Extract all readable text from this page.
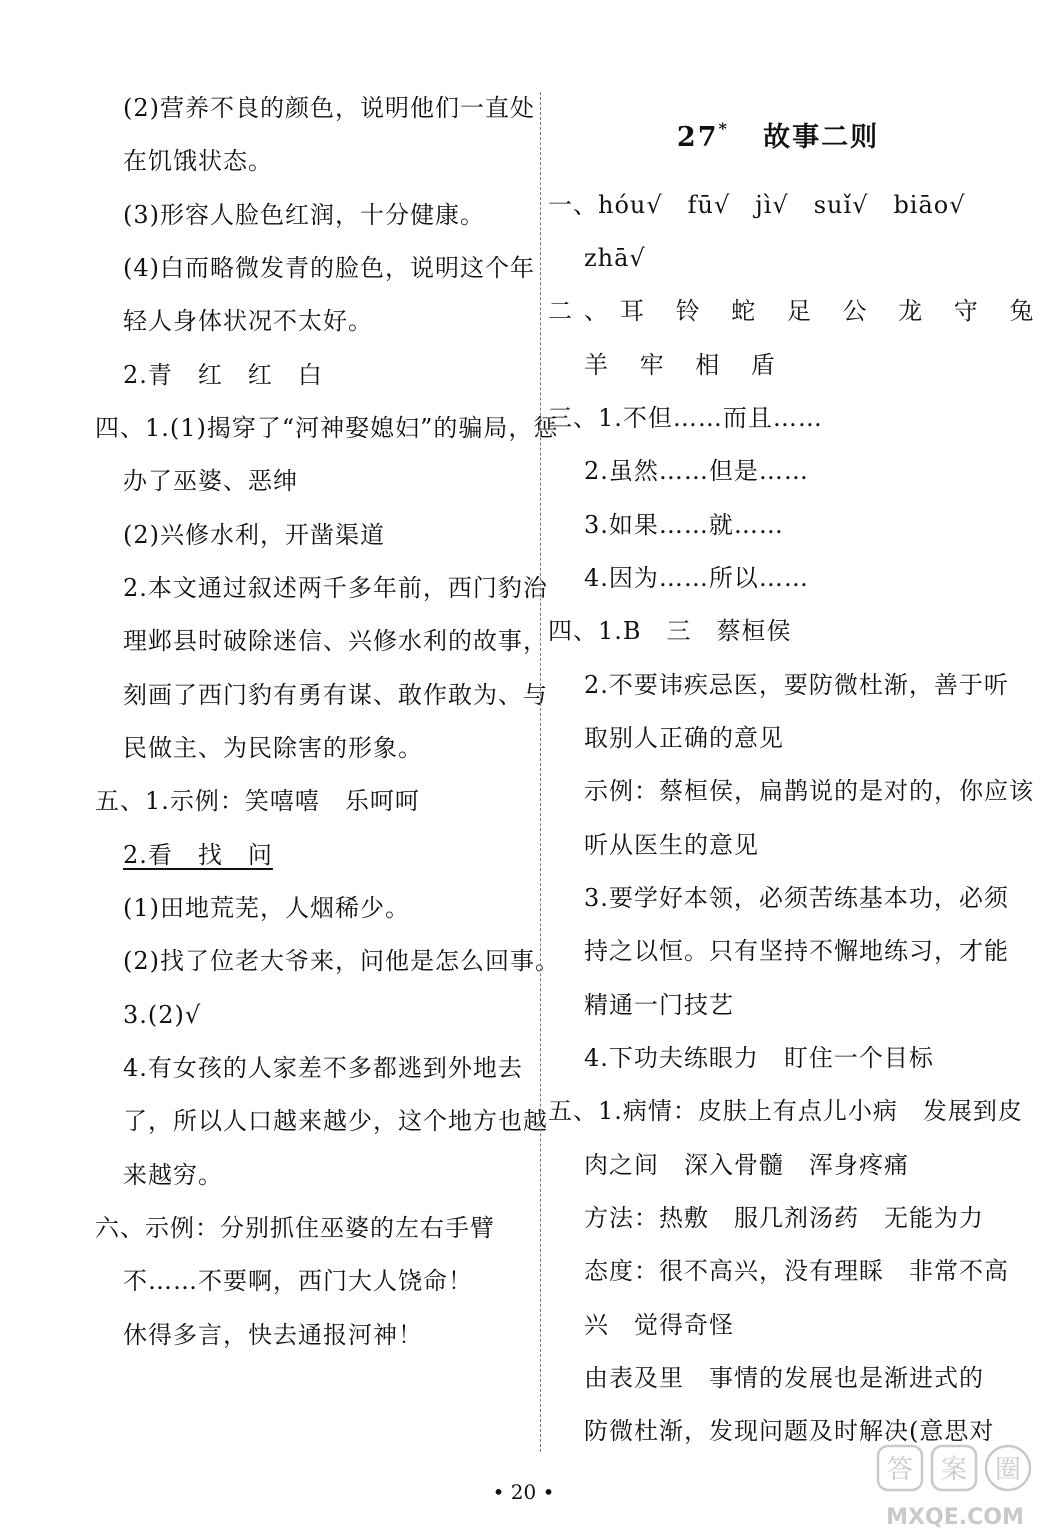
(2)营养不良的颜色，说明他们一直处
在饥饿状态。
(3)形容人脸色红润，十分健康。
(4)白而略微发青的脸色，说明这个年
轻人身体状况不太好。
2.青　红　红　白
四、1.(1)揭穿了“河神娶媳妇”的骗局，惩
办了巫婆、恶绅
(2)兴修水利，开凿渠道
2.本文通过叙述两千多年前，西门豹治
理邺县时破除迷信、兴修水利的故事，
刻画了西门豹有勇有谋、敢作敢为、与
民做主、为民除害的形象。
五、1.示例：笑嘻嘻　乐呵呵
2.看　找　问
(1)田地荒芜，人烟稀少。
(2)找了位老大爷来，问他是怎么回事。
3.(2)√
4.有女孩的人家差不多都逃到外地去
了，所以人口越来越少，这个地方也越
来越穷。
六、示例：分别抓住巫婆的左右手臂
不……不要啊，西门大人饶命！
休得多言，快去通报河神！
27* 故事二则
一、hóu√　fū√　jì√　suǐ√　biāo√
zhā√
二、耳 铃 蛇 足 公 龙 守 兔
羊 牢 相 盾
三、1.不但……而且……
2.虽然……但是……
3.如果……就……
4.因为……所以……
四、1.B　三　蔡桓侯
2.不要讳疾忌医，要防微杜渐，善于听
取别人正确的意见
示例：蔡桓侯，扁鹊说的是对的，你应该
听从医生的意见
3.要学好本领，必须苦练基本功，必须
持之以恒。只有坚持不懈地练习，才能
精通一门技艺
4.下功夫练眼力　盯住一个目标
五、1.病情：皮肤上有点儿小病　发展到皮
肉之间　深入骨髓　浑身疼痛
方法：热敷　服几剂汤药　无能为力
态度：很不高兴，没有理睬　非常不高
兴　觉得奇怪
由表及里　事情的发展也是渐进式的
防微杜渐，发现问题及时解决(意思对
• 20 •
答 案 圈
MXQE.COM
